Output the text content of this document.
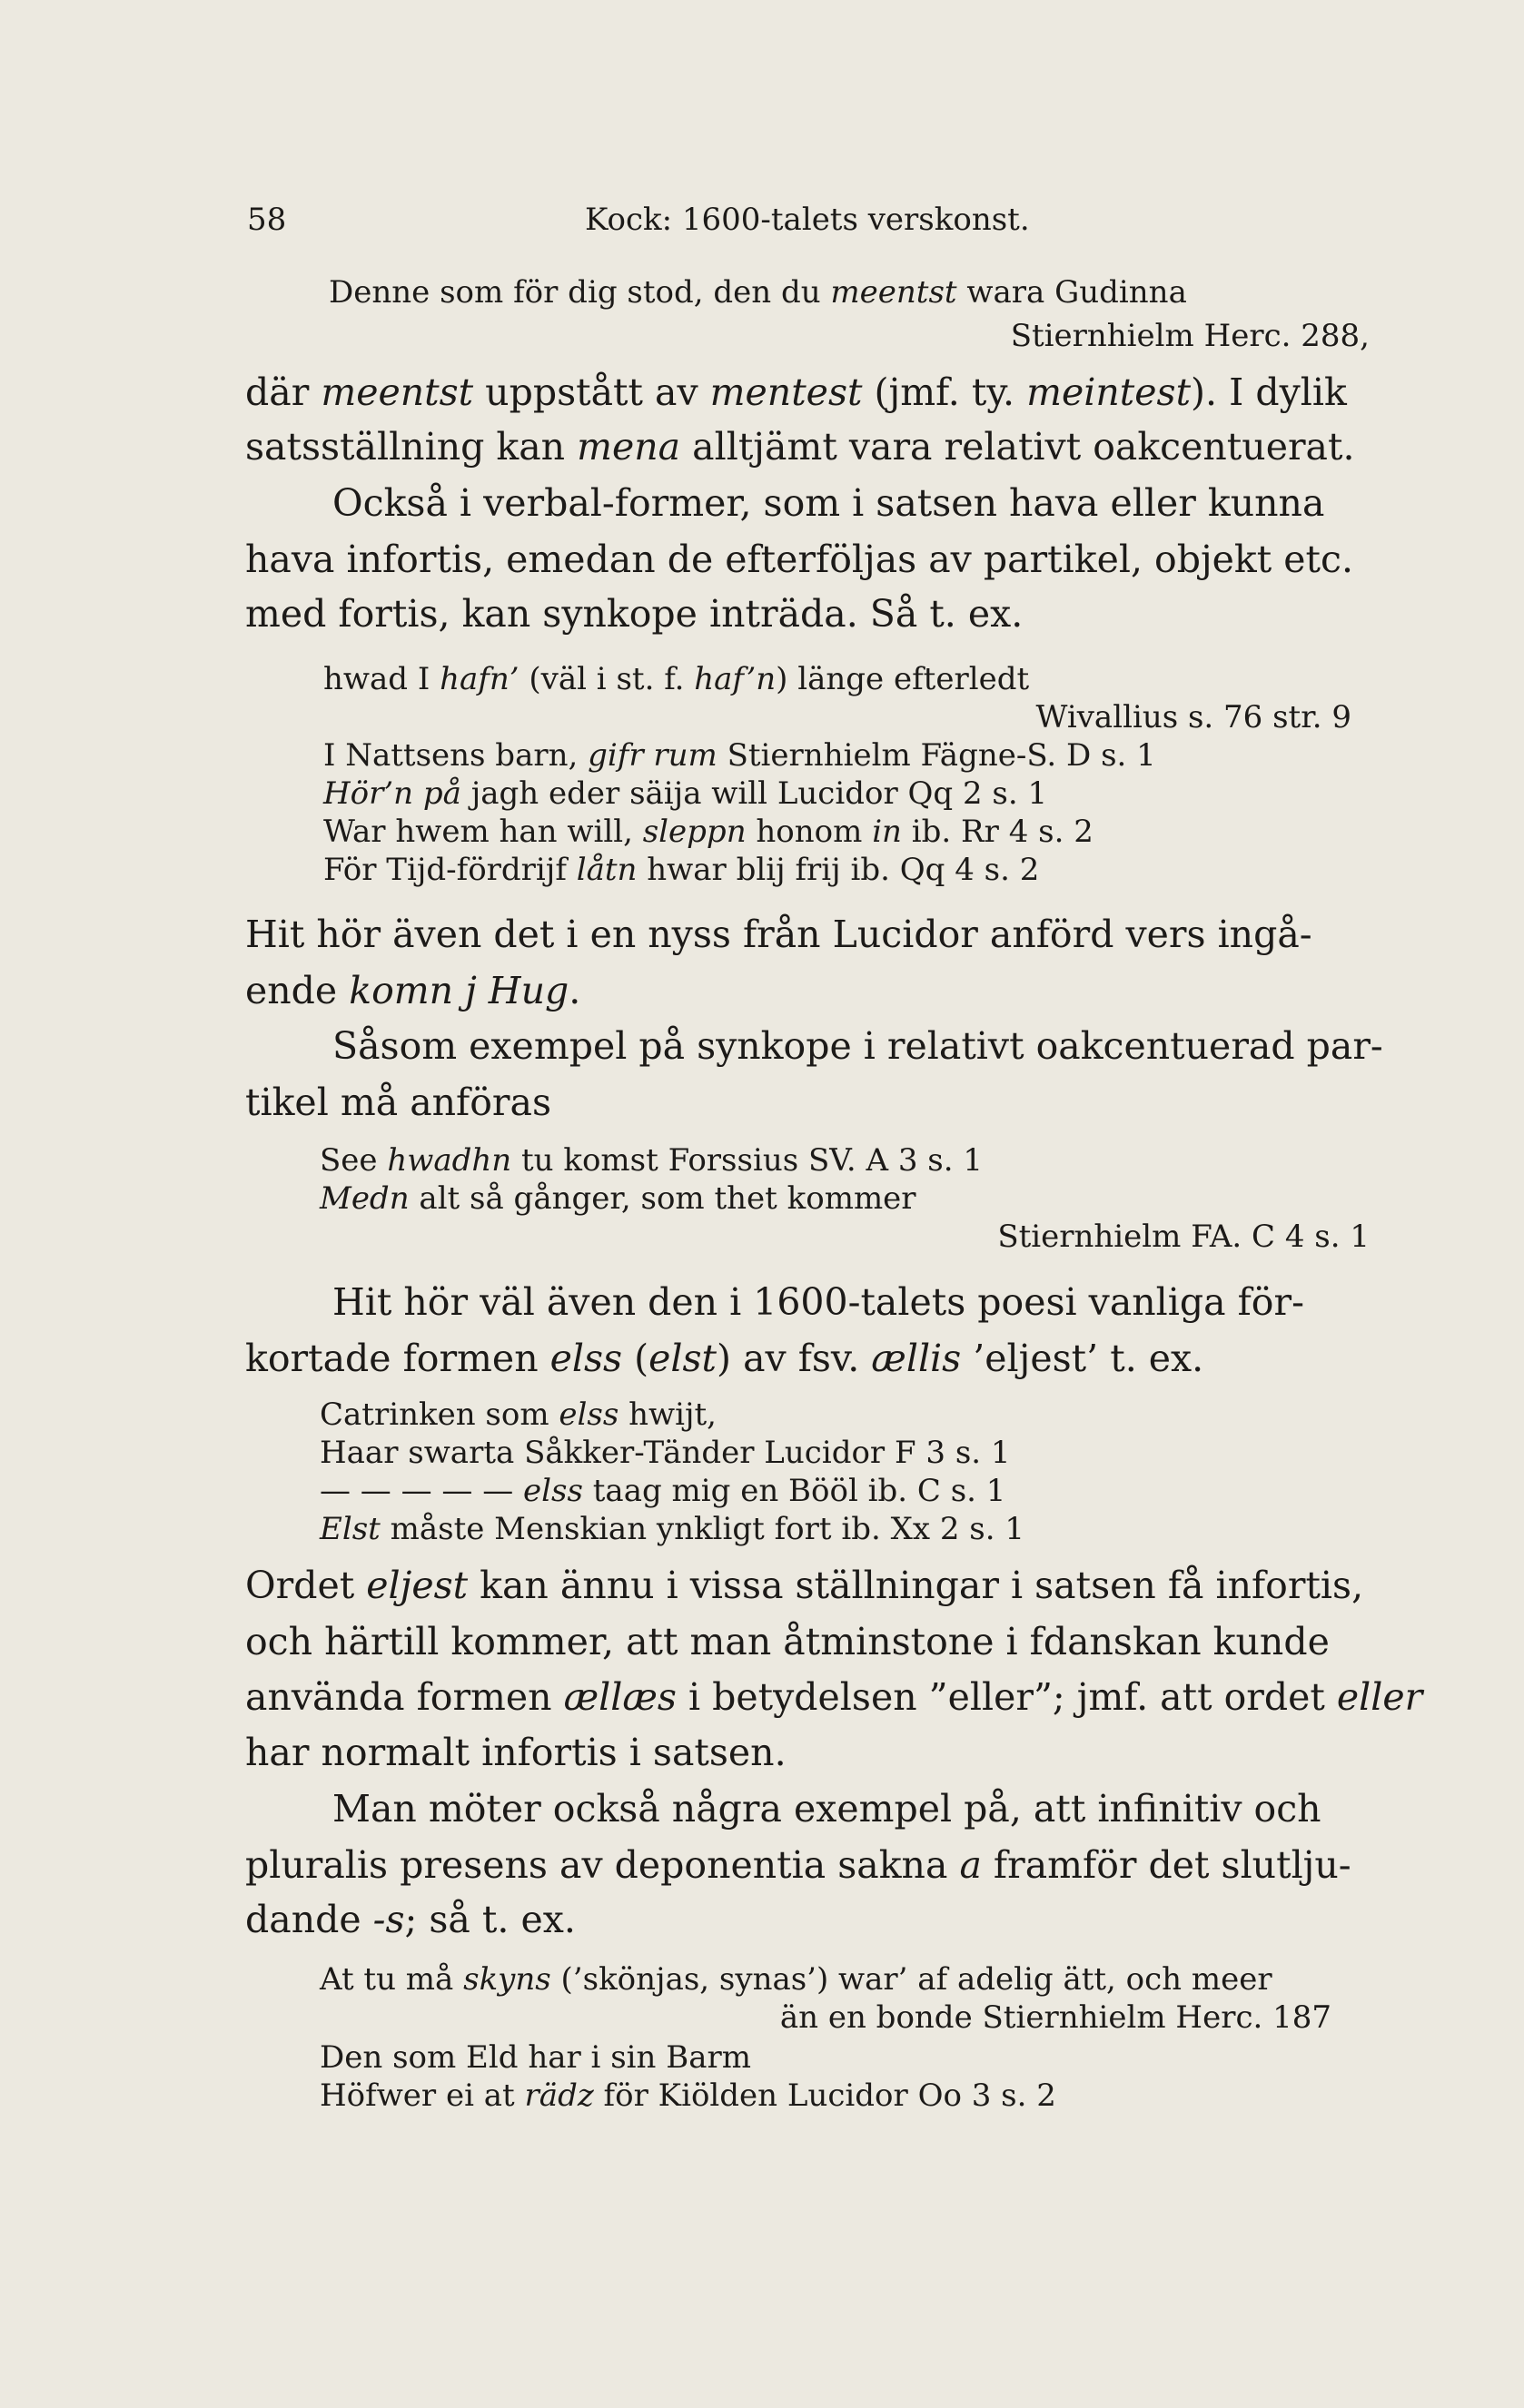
58	Kock: 1600-talets verskonst.
Denne som för dig stod, den du meentst wara Gudinna
Stiernhielm Herc. 288,
där meentst uppstått av mentest (jmf. ty. meintest). I dylik
satsställning kan mena alltjämt vara relativt oakcentuerat.
Också i verbal-former, som i satsen hava eller kunna
hava infortis, emedan de efterföljas av partikel, objekt etc.
med fortis, kan synkope inträda. Så t. ex.
hwad I hafn’ (väl i st. f. haf’n) länge efterledt
Wivallius s. 76 str. 9
I Nattsens barn, gifr rum Stiernhielm Fägne-S. D s. 1
Hör’n på jagh eder säija will Lucidor Qq 2 s. 1
War hwem han will, sleppn honom in ib. Rr 4 s. 2
För Tijd-fördrijf låtn hwar blij frij ib. Qq 4 s. 2
Hit hör även det i en nyss från Lucidor anförd vers ingå-
ende komn j Hug.
Såsom exempel på synkope i relativt oakcentuerad par-
tikel må anföras
See hwadhn tu komst Forssius SV. A 3 s. 1
Medn alt så gånger, som thet kommer
Stiernhielm FA. C 4 s. 1
Hit hör väl även den i 1600-talets poesi vanliga för-
kortade formen elss (elst) av fsv. ællis ’eljest’ t. ex.
Catrinken som elss hwijt,
Haar swarta Såkker-Tänder Lucidor F 3 s. 1
— — — — — elss taag mig en Bööl ib. C s. 1
Elst måste Menskian ynkligt fort ib. Xx 2 s. 1
Ordet eljest kan ännu i vissa ställningar i satsen få infortis,
och härtill kommer, att man åtminstone i fdanskan kunde
använda formen ællæs i betydelsen ”eller”; jmf. att ordet eller
har normalt infortis i satsen.
Man möter också några exempel på, att infinitiv och
pluralis presens av deponentia sakna a framför det slutlju-
dande -s; så t. ex.
At tu må skyns (’skönjas, synas’) war’ af adelig ätt, och meer
än en bonde Stiernhielm Herc. 187
Den som Eld har i sin Barm
Höfwer ei at rädz för Kiölden Lucidor Oo 3 s. 2
